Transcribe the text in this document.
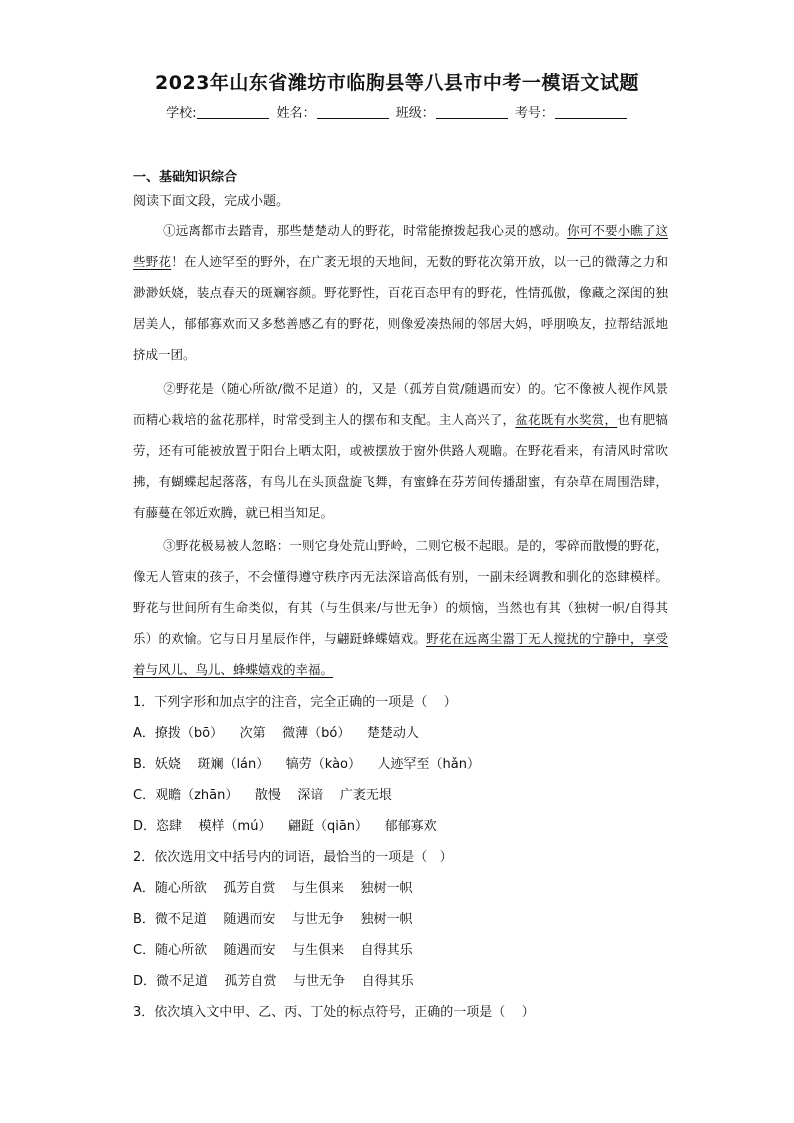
2023年山东省潍坊市临朐县等八县市中考一模语文试题
学校:	姓名：	班级：	考号：
一、基础知识综合
阅读下面文段，完成小题。
①远离都市去踏青，那些楚楚动人的野花，时常能撩拨起我心灵的感动。你可不要小瞧了这些野花！在人迹罕至的野外，在广袤无垠的天地间，无数的野花次第开放，以一己的微薄之力和渺渺妖娆，装点春天的斑斓容颜。野花野性，百花百态甲有的野花，性情孤傲，像藏之深闺的独居美人，郁郁寡欢而又多愁善感乙有的野花，则像爱凑热闹的邻居大妈，呼朋唤友，拉帮结派地挤成一团。
②野花是（随心所欲/微不足道）的，又是（孤芳自赏/随遇而安）的。它不像被人视作风景而精心栽培的盆花那样，时常受到主人的摆布和支配。主人高兴了，盆花既有水奖赏，也有肥犒劳，还有可能被放置于阳台上晒太阳，或被摆放于窗外供路人观瞻。在野花看来，有清风时常吹拂，有蝴蝶起起落落，有鸟儿在头顶盘旋飞舞，有蜜蜂在芬芳间传播甜蜜，有杂草在周围浩肆，有藤蔓在邻近欢腾，就已相当知足。
③野花极易被人忽略：一则它身处荒山野岭，二则它极不起眼。是的，零碎而散慢的野花，像无人管束的孩子，不会懂得遵守秩序丙无法深谙高低有别，一副未经调教和驯化的恣肆模样。野花与世间所有生命类似，有其（与生俱来/与世无争）的烦恼，当然也有其（独树一帜/自得其乐）的欢愉。它与日月星辰作伴，与翩跹蜂蝶嬉戏。野花在远离尘嚣丁无人搅扰的宁静中，享受着与风儿、鸟儿、蜂蝶嬉戏的幸福。
1．下列字形和加点字的注音，完全正确的一项是（    ）
A．撩拨（bō）    次第    微薄（bó）    楚楚动人
B．妖娆    斑斓（lán）    犒劳（kào）    人迹罕至（hǎn）
C．观瞻（zhān）    散慢    深谙    广袤无垠
D．恣肆    模样（mú）    翩跹（qiān）    郁郁寡欢
2．依次选用文中括号内的词语，最恰当的一项是（   ）
A．随心所欲    孤芳自赏    与生俱来    独树一帜
B．微不足道    随遇而安    与世无争    独树一帜
C．随心所欲    随遇而安    与生俱来    自得其乐
D．微不足道    孤芳自赏    与世无争    自得其乐
3．依次填入文中甲、乙、丙、丁处的标点符号，正确的一项是（    ）
